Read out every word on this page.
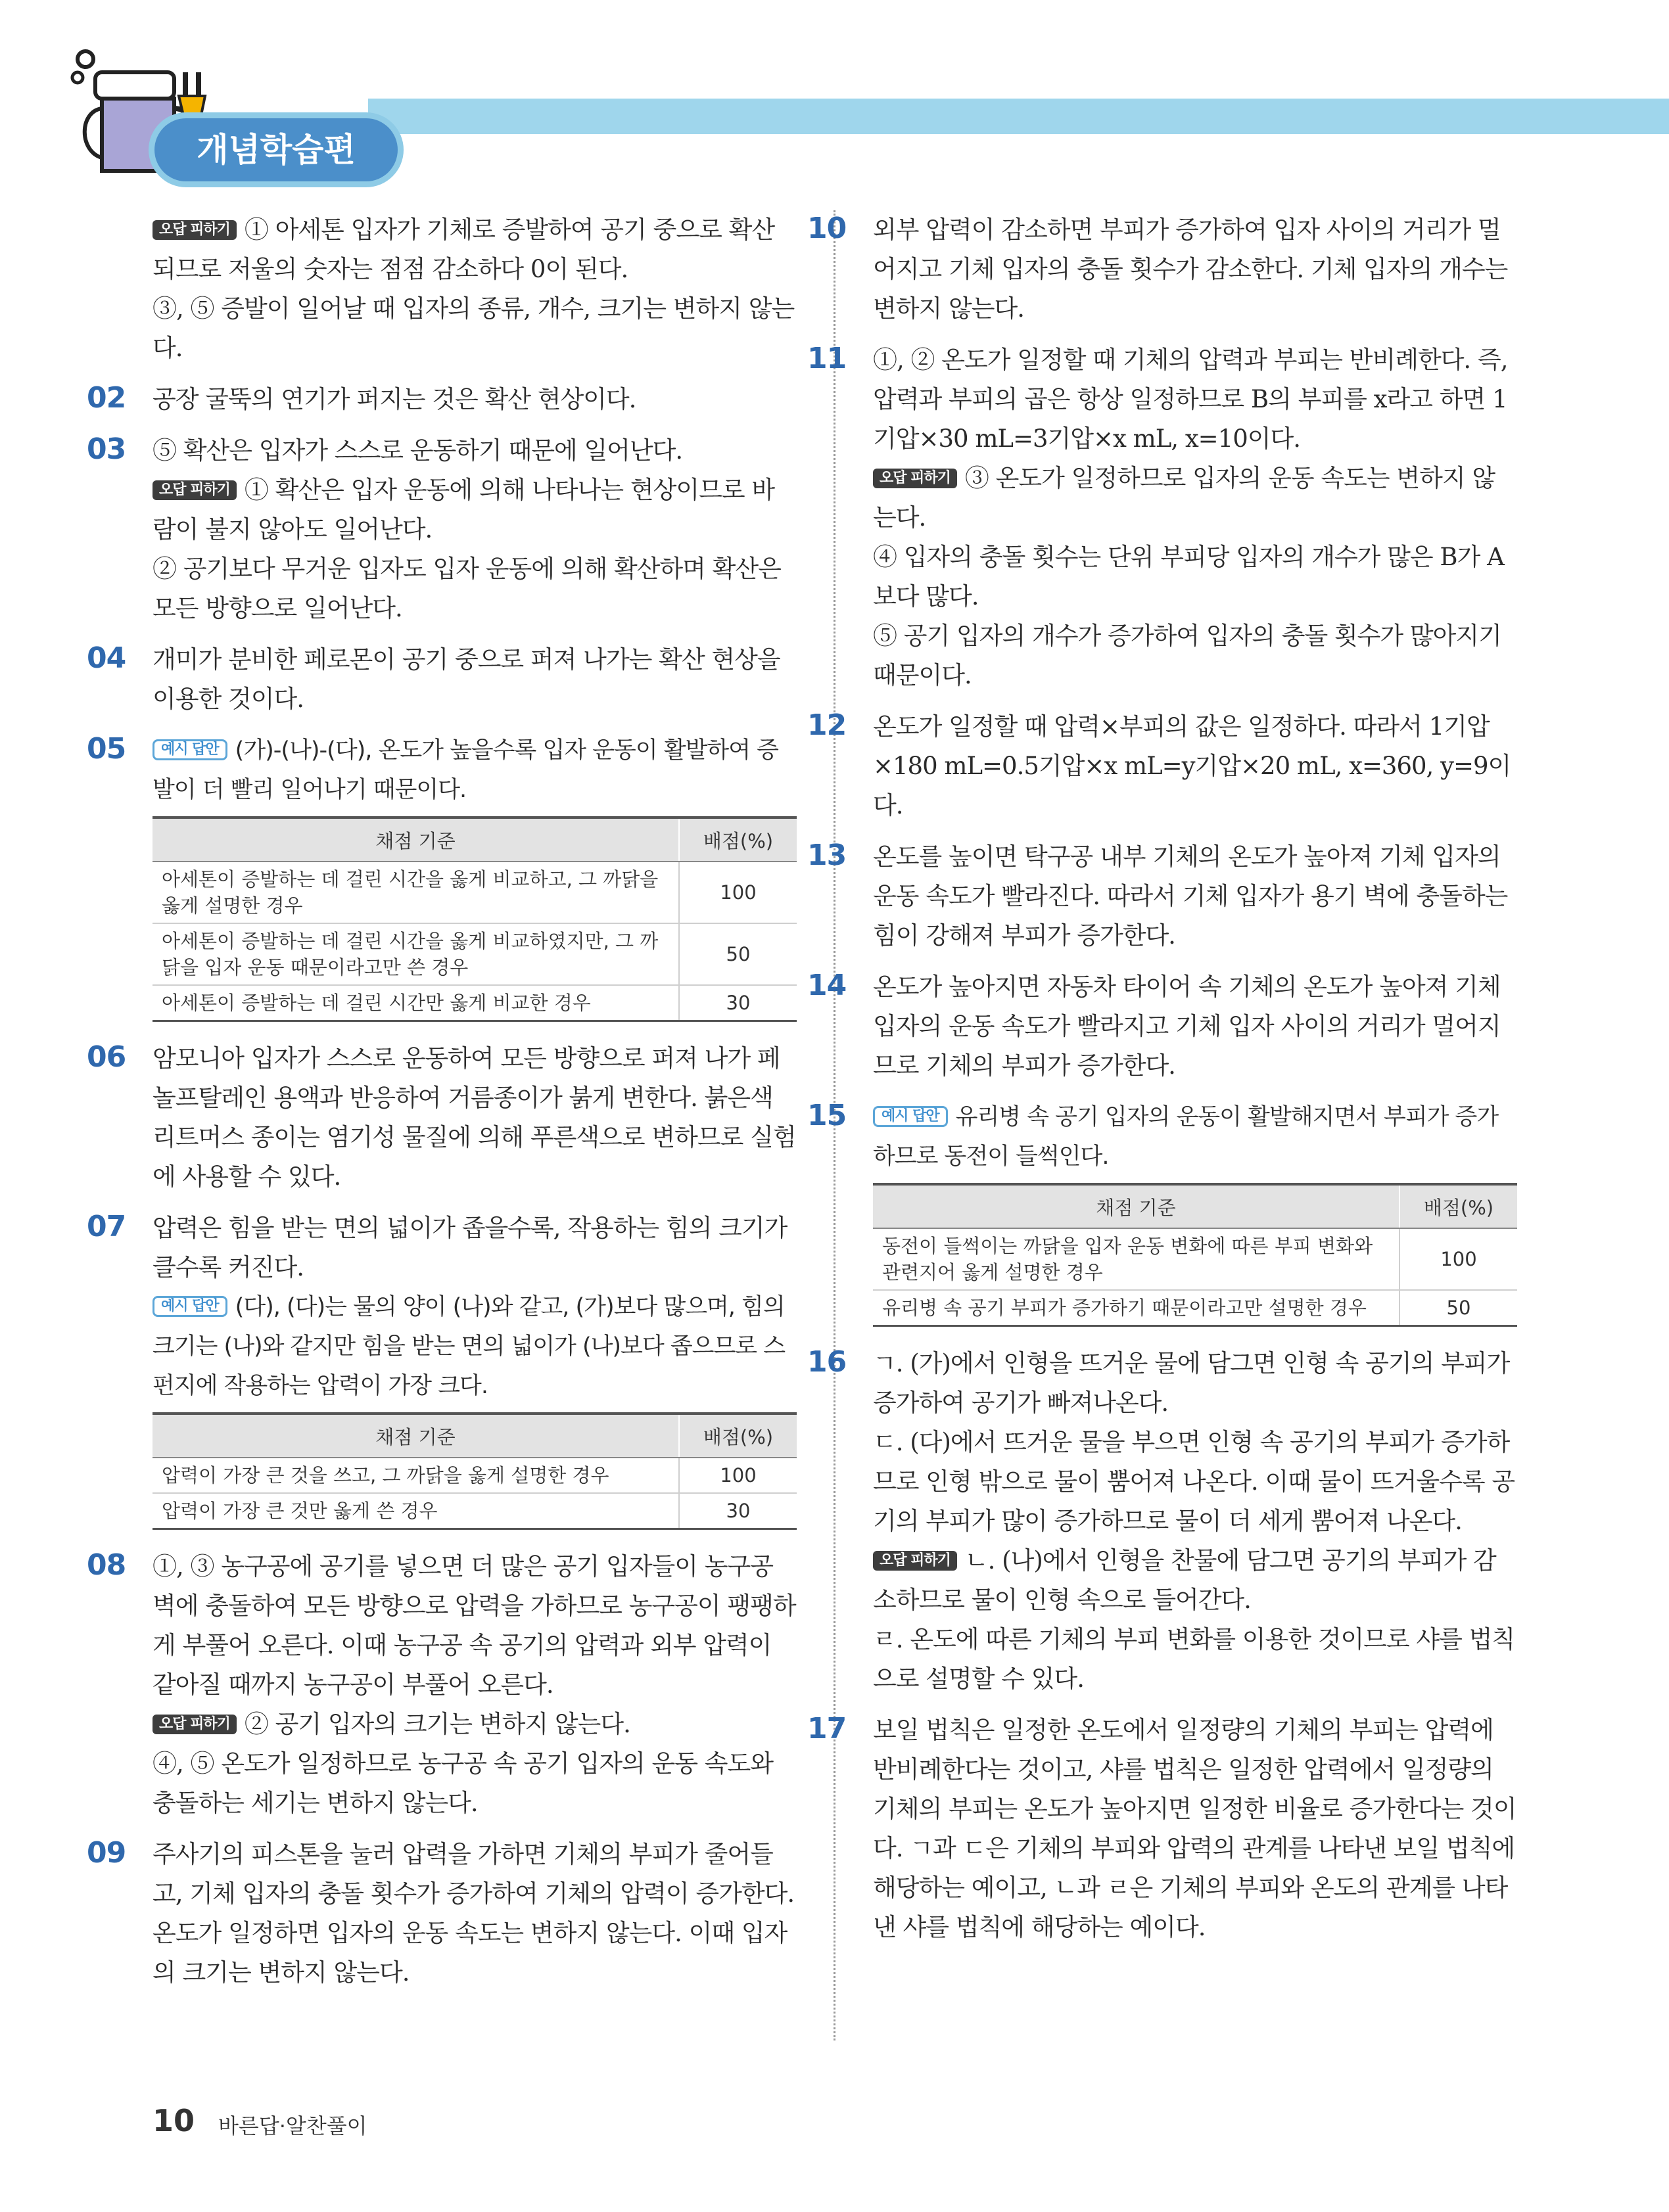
개념학습편

오답 피하기 ① 아세톤 입자가 기체로 증발하여 공기 중으로 확산되므로 저울의 숫자는 점점 감소하다 0이 된다.

③, ⑤ 증발이 일어날 때 입자의 종류, 개수, 크기는 변하지 않는다.

02 공장 굴뚝의 연기가 퍼지는 것은 확산 현상이다.

03 ⑤ 확산은 입자가 스스로 운동하기 때문에 일어난다.

오답 피하기 ① 확산은 입자 운동에 의해 나타나는 현상이므로 바람이 불지 않아도 일어난다.

② 공기보다 무거운 입자도 입자 운동에 의해 확산하며 확산은 모든 방향으로 일어난다.

04 개미가 분비한 페로몬이 공기 중으로 퍼져 나가는 확산 현상을 이용한 것이다.

05	예시 답안 (가)-(나)-(다), 온도가 높을수록 입자 운동이 활발하여 증발이 더 빨리 일어나기 때문이다.

채점 기준	배점(%)
아세톤이 증발하는 데 걸린 시간을 옳게 비교하고, 그 까닭을 옳게 설명한 경우	100
아세톤이 증발하는 데 걸린 시간을 옳게 비교하였지만, 그 까닭을 입자 운동 때문이라고만 쓴 경우	50
아세톤이 증발하는 데 걸린 시간만 옳게 비교한 경우	30
06 암모니아 입자가 스스로 운동하여 모든 방향으로 퍼져 나가 페놀프탈레인 용액과 반응하여 거름종이가 붉게 변한다. 붉은색 리트머스 종이는 염기성 물질에 의해 푸른색으로 변하므로 실험에 사용할 수 있다.

07 압력은 힘을 받는 면의 넓이가 좁을수록, 작용하는 힘의 크기가 클수록 커진다.

예시 답안 (다), (다)는 물의 양이 (나)와 같고, (가)보다 많으며, 힘의 크기는 (나)와 같지만 힘을 받는 면의 넓이가 (나)보다 좁으므로 스펀지에 작용하는 압력이 가장 크다.

채점 기준	배점(%)
압력이 가장 큰 것을 쓰고, 그 까닭을 옳게 설명한 경우	100
압력이 가장 큰 것만 옳게 쓴 경우	30
08 ①, ③ 농구공에 공기를 넣으면 더 많은 공기 입자들이 농구공 벽에 충돌하여 모든 방향으로 압력을 가하므로 농구공이 팽팽하게 부풀어 오른다. 이때 농구공 속 공기의 압력과 외부 압력이 같아질 때까지 농구공이 부풀어 오른다.

오답 피하기 ② 공기 입자의 크기는 변하지 않는다.

④, ⑤ 온도가 일정하므로 농구공 속 공기 입자의 운동 속도와 충돌하는 세기는 변하지 않는다.

09 주사기의 피스톤을 눌러 압력을 가하면 기체의 부피가 줄어들고, 기체 입자의 충돌 횟수가 증가하여 기체의 압력이 증가한다. 온도가 일정하면 입자의 운동 속도는 변하지 않는다. 이때 입자의 크기는 변하지 않는다.

10 외부 압력이 감소하면 부피가 증가하여 입자 사이의 거리가 멀어지고 기체 입자의 충돌 횟수가 감소한다. 기체 입자의 개수는 변하지 않는다.

11 ①, ② 온도가 일정할 때 기체의 압력과 부피는 반비례한다. 즉, 압력과 부피의 곱은 항상 일정하므로 B의 부피를 x라고 하면 1기압×30 mL=3기압×x mL, x=10이다.

오답 피하기 ③ 온도가 일정하므로 입자의 운동 속도는 변하지 않는다.

④ 입자의 충돌 횟수는 단위 부피당 입자의 개수가 많은 B가 A보다 많다.

⑤ 공기 입자의 개수가 증가하여 입자의 충돌 횟수가 많아지기 때문이다.

12 온도가 일정할 때 압력×부피의 값은 일정하다. 따라서 1기압×180 mL=0.5기압×x mL=y기압×20 mL, x=360, y=9이다.

13 온도를 높이면 탁구공 내부 기체의 온도가 높아져 기체 입자의 운동 속도가 빨라진다. 따라서 기체 입자가 용기 벽에 충돌하는 힘이 강해져 부피가 증가한다.

14 온도가 높아지면 자동차 타이어 속 기체의 온도가 높아져 기체 입자의 운동 속도가 빨라지고 기체 입자 사이의 거리가 멀어지므로 기체의 부피가 증가한다.

15	예시 답안 유리병 속 공기 입자의 운동이 활발해지면서 부피가 증가하므로 동전이 들썩인다.

채점 기준	배점(%)
동전이 들썩이는 까닭을 입자 운동 변화에 따른 부피 변화와 관련지어 옳게 설명한 경우	100
유리병 속 공기 부피가 증가하기 때문이라고만 설명한 경우	50
16 ㄱ. (가)에서 인형을 뜨거운 물에 담그면 인형 속 공기의 부피가 증가하여 공기가 빠져나온다.

ㄷ. (다)에서 뜨거운 물을 부으면 인형 속 공기의 부피가 증가하므로 인형 밖으로 물이 뿜어져 나온다. 이때 물이 뜨거울수록 공기의 부피가 많이 증가하므로 물이 더 세게 뿜어져 나온다.

오답 피하기 ㄴ. (나)에서 인형을 찬물에 담그면 공기의 부피가 감소하므로 물이 인형 속으로 들어간다.

ㄹ. 온도에 따른 기체의 부피 변화를 이용한 것이므로 샤를 법칙으로 설명할 수 있다.

17 보일 법칙은 일정한 온도에서 일정량의 기체의 부피는 압력에 반비례한다는 것이고, 샤를 법칙은 일정한 압력에서 일정량의 기체의 부피는 온도가 높아지면 일정한 비율로 증가한다는 것이다. ㄱ과 ㄷ은 기체의 부피와 압력의 관계를 나타낸 보일 법칙에 해당하는 예이고, ㄴ과 ㄹ은 기체의 부피와 온도의 관계를 나타낸 샤를 법칙에 해당하는 예이다.

10 바른답·알찬풀이
